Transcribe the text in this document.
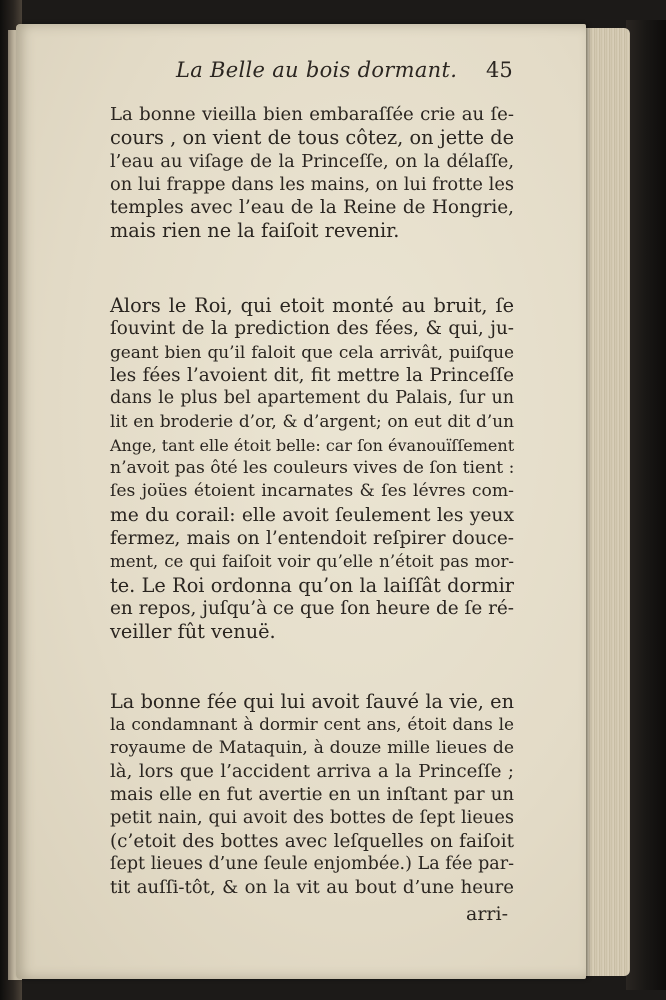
La Belle au bois dormant. 45
La bonne vieilla bien embaraſſée crie au ſe-
cours , on vient de tous côtez, on jette de
l’eau au viſage de la Princeſſe, on la délaſſe,
on lui frappe dans les mains, on lui frotte les
temples avec l’eau de la Reine de Hongrie,
mais rien ne la faiſoit revenir.
Alors le Roi, qui etoit monté au bruit, ſe
ſouvint de la prediction des fées, & qui, ju-
geant bien qu’il faloit que cela arrivât, puiſque
les fées l’avoient dit, fit mettre la Princeſſe
dans le plus bel apartement du Palais, ſur un
lit en broderie d’or, & d’argent; on eut dit d’un
Ange, tant elle étoit belle: car ſon évanouïſſement
n’avoit pas ôté les couleurs vives de ſon tient :
ſes joües étoient incarnates & ſes lévres com-
me du corail: elle avoit ſeulement les yeux
fermez, mais on l’entendoit reſpirer douce-
ment, ce qui faiſoit voir qu’elle n’étoit pas mor-
te. Le Roi ordonna qu’on la laiſſât dormir
en repos, juſqu’à ce que ſon heure de ſe ré-
veiller fût venuë.
La bonne fée qui lui avoit ſauvé la vie, en
la condamnant à dormir cent ans, étoit dans le
royaume de Mataquin, à douze mille lieues de
là, lors que l’accident arriva a la Princeſſe ;
mais elle en fut avertie en un inſtant par un
petit nain, qui avoit des bottes de ſept lieues
(c’etoit des bottes avec leſquelles on faiſoit
ſept lieues d’une ſeule enjombée.) La fée par-
tit auſſi-tôt, & on la vit au bout d’une heure
arri-
